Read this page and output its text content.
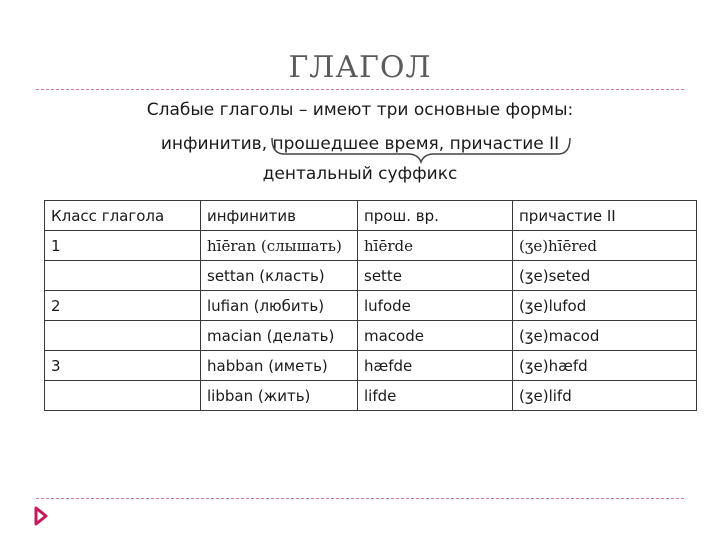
ГЛАГОЛ
Слабые глаголы – имеют три основные формы:
инфинитив, прошедшее время, причастие II
дентальный суффикс
Класс глагола	инфинитив	прош. вр.	причастие II
1	hīēran (слышать)	hīērde	(ʒe)hīēred
	settan (класть)	sette	(ʒe)seted
2	lufian (любить)	lufode	(ʒe)lufod
	macian (делать)	macode	(ʒe)macod
3	habban (иметь)	hæfde	(ʒe)hæfd
	libban (жить)	lifde	(ʒe)lifd
